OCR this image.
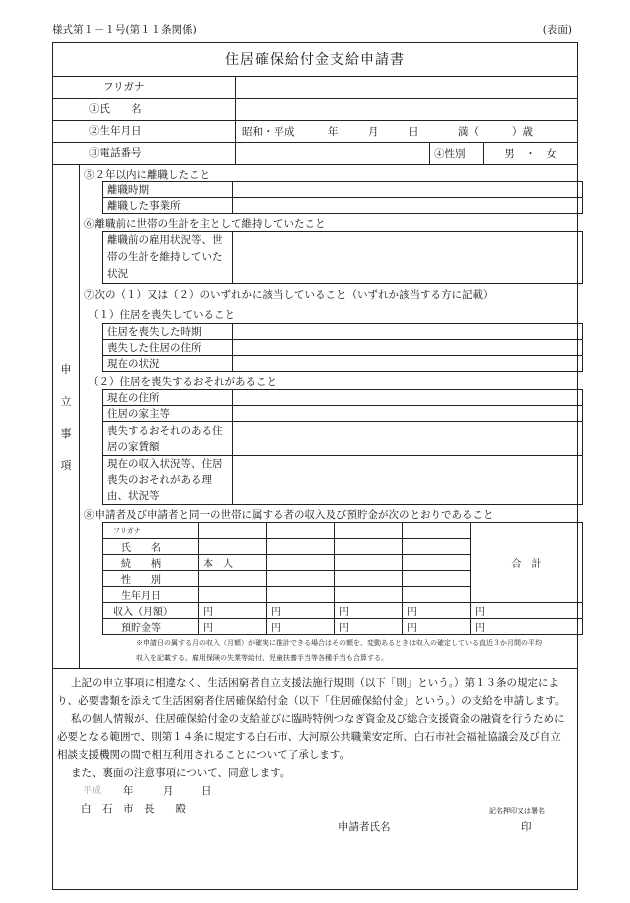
様式第１－１号(第１１条関係)	(表面)
住居確保給付金支給申請書
フリガナ
①氏　　名
②生年月日	昭和・平成	年	月	日	満（	）歳
③電話番号	④性別	男　・　女
申
立
事
項
⑤２年以内に離職したこと
離職時期	
離職した事業所	
⑥離職前に世帯の生計を主として維持していたこと
離職前の雇用状況等、世帯の生計を維持していた状況	
⑦次の（１）又は（２）のいずれかに該当していること（いずれか該当する方に記載）
（１）住居を喪失していること
住居を喪失した時期	
喪失した住居の住所	
現在の状況	
（２）住居を喪失するおそれがあること
現在の住所	
住居の家主等	
喪失するおそれのある住居の家賃額	
現在の収入状況等、住居喪失のおそれがある理由、状況等	
⑧申請者及び申請者と同一の世帯に属する者の収入及び預貯金が次のとおりであること
フリガナ					合　計
氏　　名					
続　　柄	本　人				
性　　別					
生年月日					
収入（月額）	円	円	円	円	円
預貯金等	円	円	円	円	円
※申請日の属する月の収入（月額）が確実に推計できる場合はその額を、変動あるときは収入の確定している直近３か月間の平均
収入を記載する。雇用保険の失業等給付、児童扶養手当等各種手当も合算する。
上記の申立事項に相違なく、生活困窮者自立支援法施行規則（以下「則」という。）第１３条の規定によ
り、必要書類を添えて生活困窮者住居確保給付金（以下「住居確保給付金」という。）の支給を申請します。
私の個人情報が、住居確保給付金の支給並びに臨時特例つなぎ資金及び総合支援資金の融資を行うために
必要となる範囲で、則第１４条に規定する白石市、大河原公共職業安定所、白石市社会福祉協議会及び自立
相談支援機関の間で相互利用されることについて了承します。
また、裏面の注意事項について、同意します。
平成 年	月	日
白　石　市　長　　殿	記名押印又は署名
申請者氏名	印
